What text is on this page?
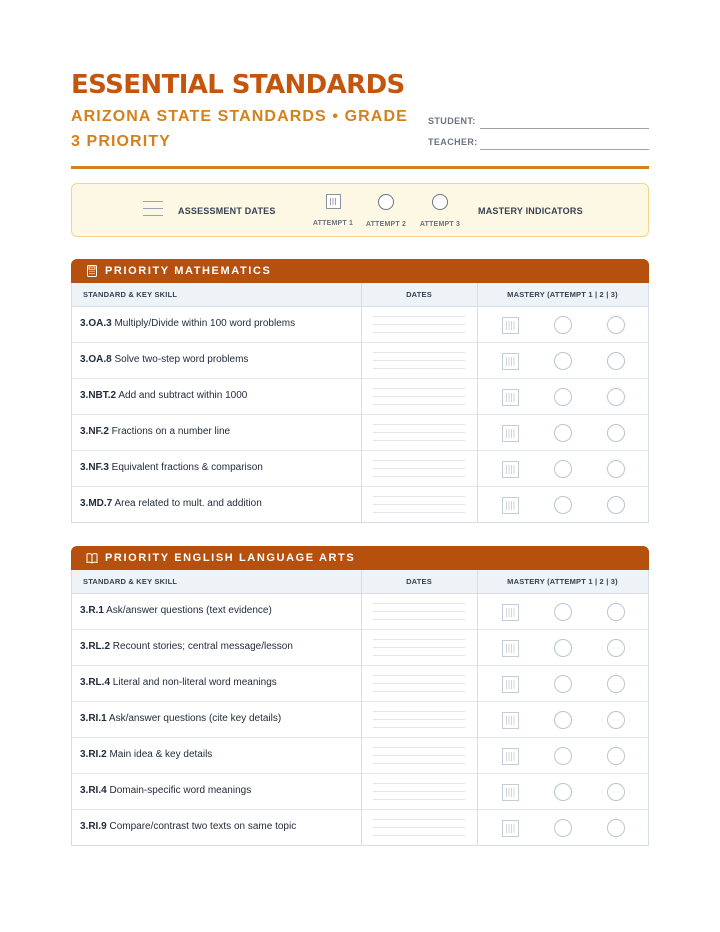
ESSENTIAL STANDARDS
ARIZONA STATE STANDARDS • GRADE 3 PRIORITY
STUDENT:
TEACHER:
ASSESSMENT DATES
ATTEMPT 1	ATTEMPT 2	ATTEMPT 3
MASTERY INDICATORS
PRIORITY MATHEMATICS
STANDARD & KEY SKILL	DATES	MASTERY (ATTEMPT 1 | 2 | 3)
3.OA.3 Multiply/Divide within 100 word problems
3.OA.8 Solve two-step word problems
3.NBT.2 Add and subtract within 1000
3.NF.2 Fractions on a number line
3.NF.3 Equivalent fractions & comparison
3.MD.7 Area related to mult. and addition
PRIORITY ENGLISH LANGUAGE ARTS
STANDARD & KEY SKILL	DATES	MASTERY (ATTEMPT 1 | 2 | 3)
3.R.1 Ask/answer questions (text evidence)
3.RL.2 Recount stories; central message/lesson
3.RL.4 Literal and non-literal word meanings
3.RI.1 Ask/answer questions (cite key details)
3.RI.2 Main idea & key details
3.RI.4 Domain-specific word meanings
3.RI.9 Compare/contrast two texts on same topic
